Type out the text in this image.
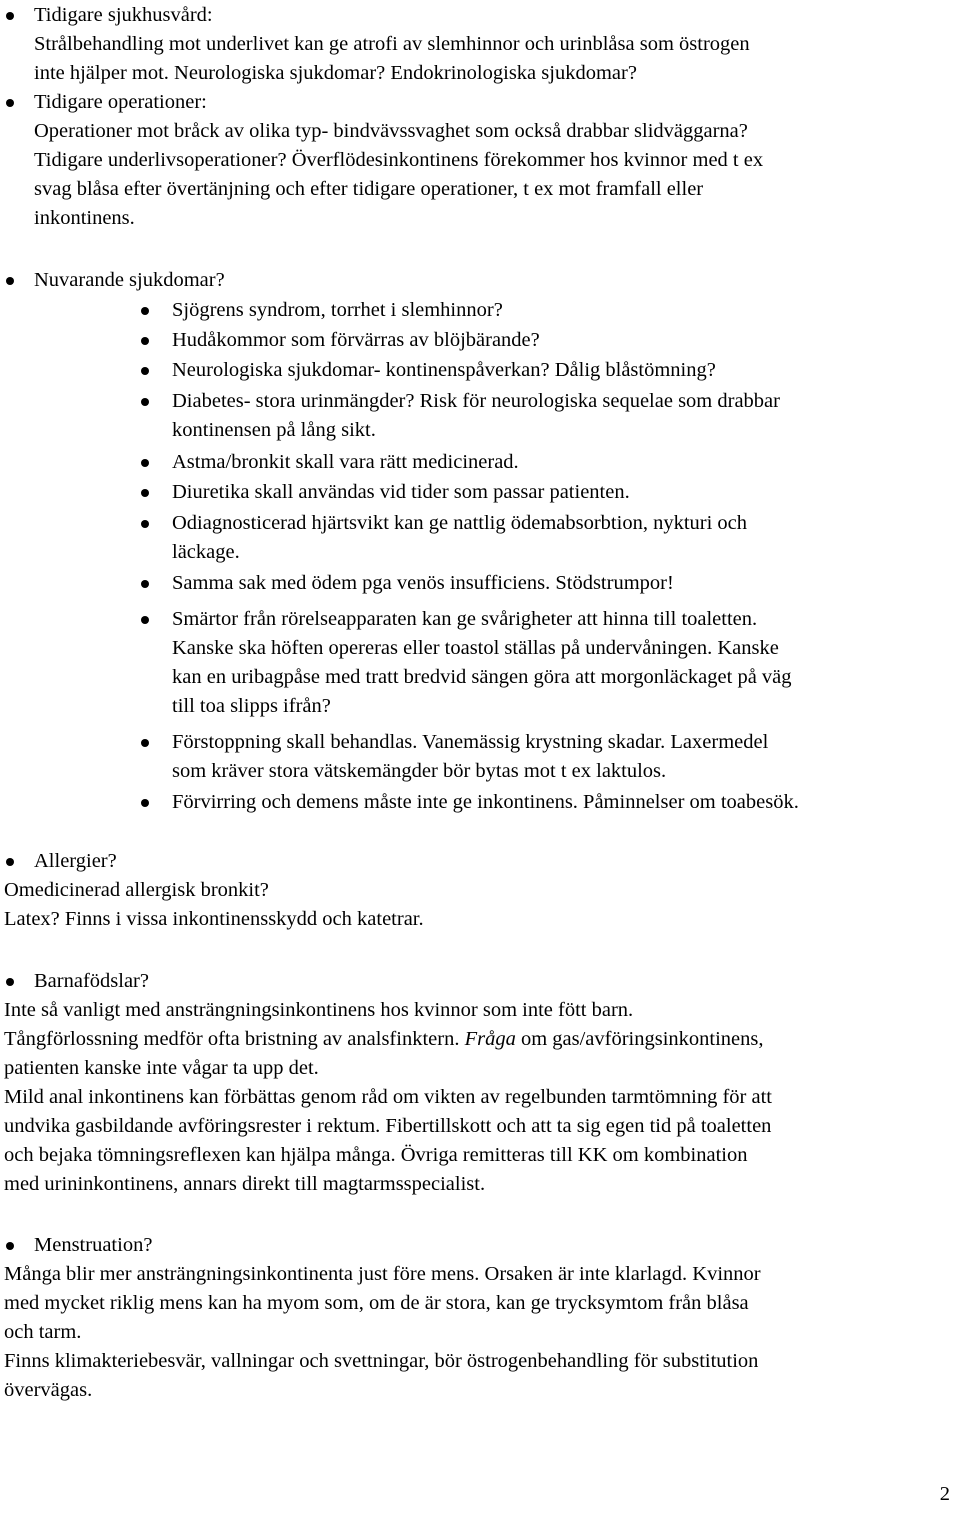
Tidigare sjukhusvård:
Strålbehandling mot underlivet kan ge atrofi av slemhinnor och urinblåsa som östrogen
inte hjälper mot. Neurologiska sjukdomar? Endokrinologiska sjukdomar?
Tidigare operationer:
Operationer mot bråck av olika typ- bindvävssvaghet som också drabbar slidväggarna?
Tidigare underlivsoperationer? Överflödesinkontinens förekommer hos kvinnor med t ex
svag blåsa efter övertänjning och efter tidigare operationer, t ex mot framfall eller
inkontinens.
Nuvarande sjukdomar?
Sjögrens syndrom, torrhet i slemhinnor?
Hudåkommor som förvärras av blöjbärande?
Neurologiska sjukdomar- kontinenspåverkan? Dålig blåstömning?
Diabetes- stora urinmängder? Risk för neurologiska sequelae som drabbar
kontinensen på lång sikt.
Astma/bronkit skall vara rätt medicinerad.
Diuretika skall användas vid tider som passar patienten.
Odiagnosticerad hjärtsvikt kan ge nattlig ödemabsorbtion, nykturi och
läckage.
Samma sak med ödem pga venös insufficiens. Stödstrumpor!
Smärtor från rörelseapparaten kan ge svårigheter att hinna till toaletten.
Kanske ska höften opereras eller toastol ställas på undervåningen. Kanske
kan en uribagpåse med tratt bredvid sängen göra att morgonläckaget på väg
till toa slipps ifrån?
Förstoppning skall behandlas. Vanemässig krystning skadar. Laxermedel
som kräver stora vätskemängder bör bytas mot t ex laktulos.
Förvirring och demens måste inte ge inkontinens. Påminnelser om toabesök.
Allergier?
Omedicinerad allergisk bronkit?
Latex? Finns i vissa inkontinensskydd och katetrar.
Barnafödslar?
Inte så vanligt med ansträngningsinkontinens hos kvinnor som inte fött barn.
Tångförlossning medför ofta bristning av analsfinktern. Fråga om gas/avföringsinkontinens,
patienten kanske inte vågar ta upp det.
Mild anal inkontinens kan förbättas genom råd om vikten av regelbunden tarmtömning för att
undvika gasbildande avföringsrester i rektum. Fibertillskott och att ta sig egen tid på toaletten
och bejaka tömningsreflexen kan hjälpa många. Övriga remitteras till KK om kombination
med urininkontinens, annars direkt till magtarmsspecialist.
Menstruation?
Många blir mer ansträngningsinkontinenta just före mens. Orsaken är inte klarlagd. Kvinnor
med mycket riklig mens kan ha myom som, om de är stora, kan ge trycksymtom från blåsa
och tarm.
Finns klimakteriebesvär, vallningar och svettningar, bör östrogenbehandling för substitution
övervägas.
2
